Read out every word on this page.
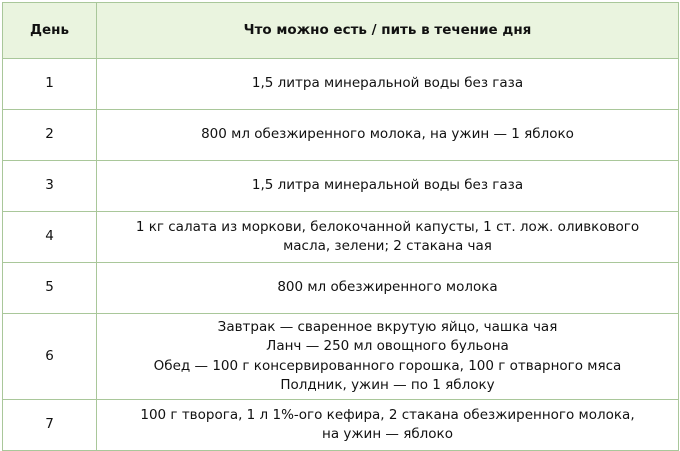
День	Что можно есть / пить в течение дня
1	1,5 литра минеральной воды без газа

2	800 мл обезжиренного молока, на ужин — 1 яблоко

3	1,5 литра минеральной воды без газа

4	1 кг салата из моркови, белокочанной капусты, 1 ст. лож. оливкового
масла, зелени; 2 стакана чая

5	800 мл обезжиренного молока

6	Завтрак — сваренное вкрутую яйцо, чашка чая
Ланч — 250 мл овощного бульона
Обед — 100 г консервированного горошка, 100 г отварного мяса
Полдник, ужин — по 1 яблоку

7	100 г творога, 1 л 1%-ого кефира, 2 стакана обезжиренного молока,
на ужин — яблоко
